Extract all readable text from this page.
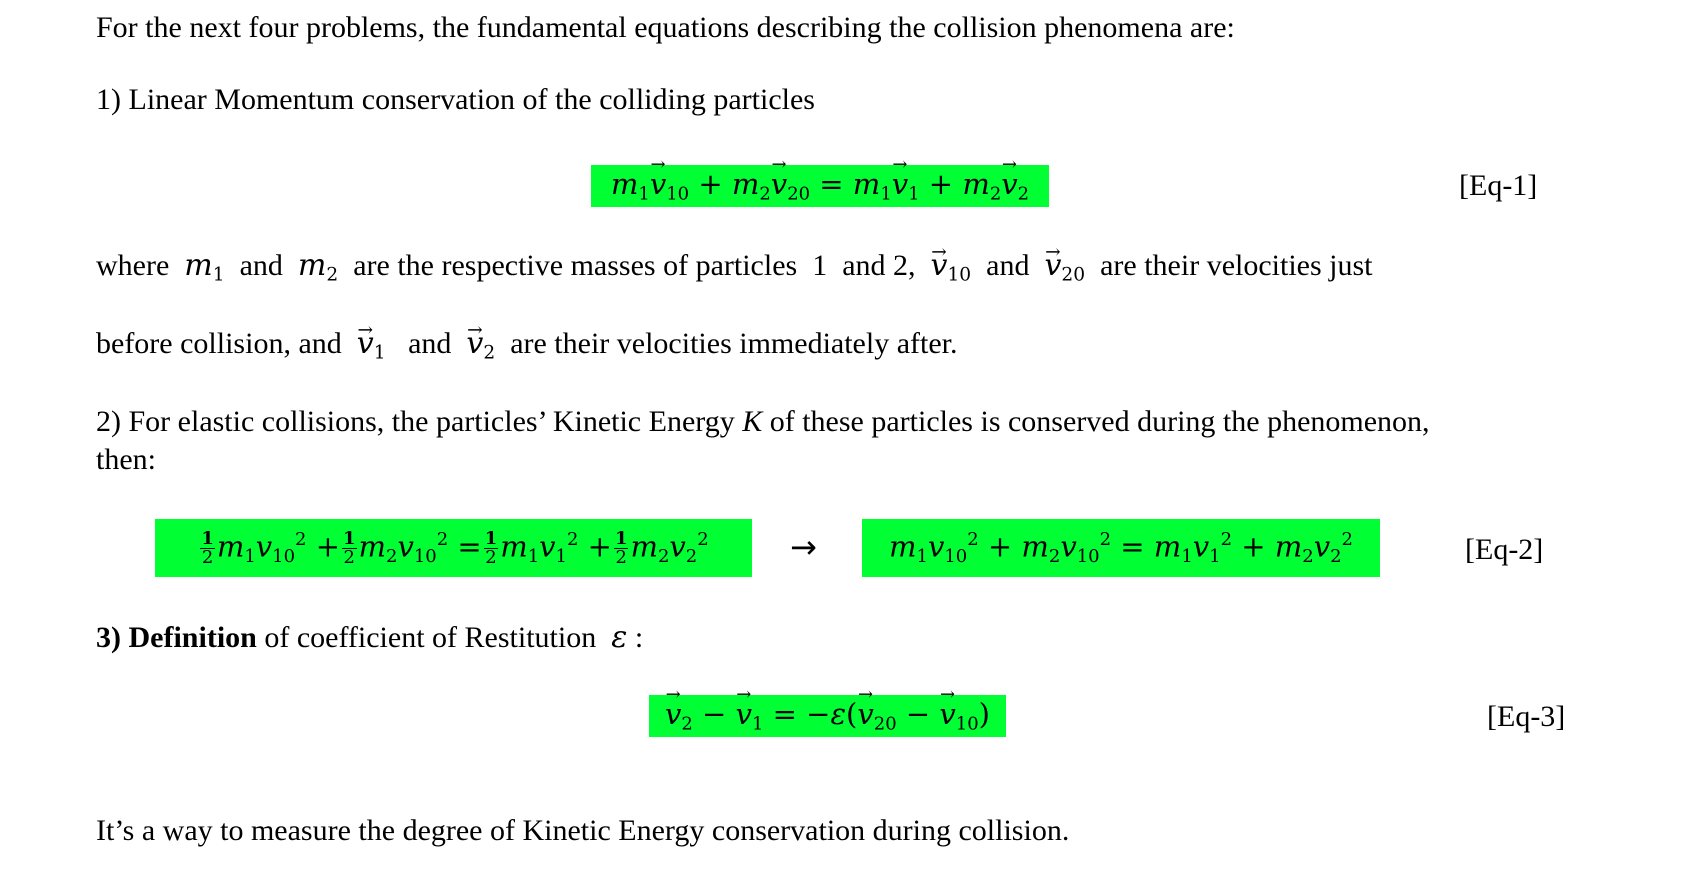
For the next four problems, the fundamental equations describing the collision phenomena are:
1) Linear Momentum conservation of the colliding particles
$m_1\to v_{10} + m_2\to v_{20} = m_1\to v_1 + m_2\to v_2$	[Eq-1]
where $m_1$ and $m_2$ are the respective masses of particles 1 and 2, → $v_{10}$ and → $v_{20}$ are their velocities just
before collision, and → $v_1$ and → $v_2$ are their velocities immediately after.
2) For elastic collisions, the particles’ Kinetic Energy K of these particles is conserved during the phenomenon,
then:
$\frac{1}{2} m_1v_{10}^2 + \frac{1}{2} m_2v_{10}^2 = \frac{1}{2} m_1v_1^2 + \frac{1}{2} m_2v_2^2$	→ $m_1v_{10}^2 + m_2v_{10}^2 = m_1v_1^2 + m_2v_2^2$	[Eq-2]
3) Definition of coefficient of Restitution ε :
→ $v_2$ − → $v_1 = -\varepsilon(\to v_{20}$ − → $v_{10}$)	[Eq-3]
It’s a way to measure the degree of Kinetic Energy conservation during collision.
